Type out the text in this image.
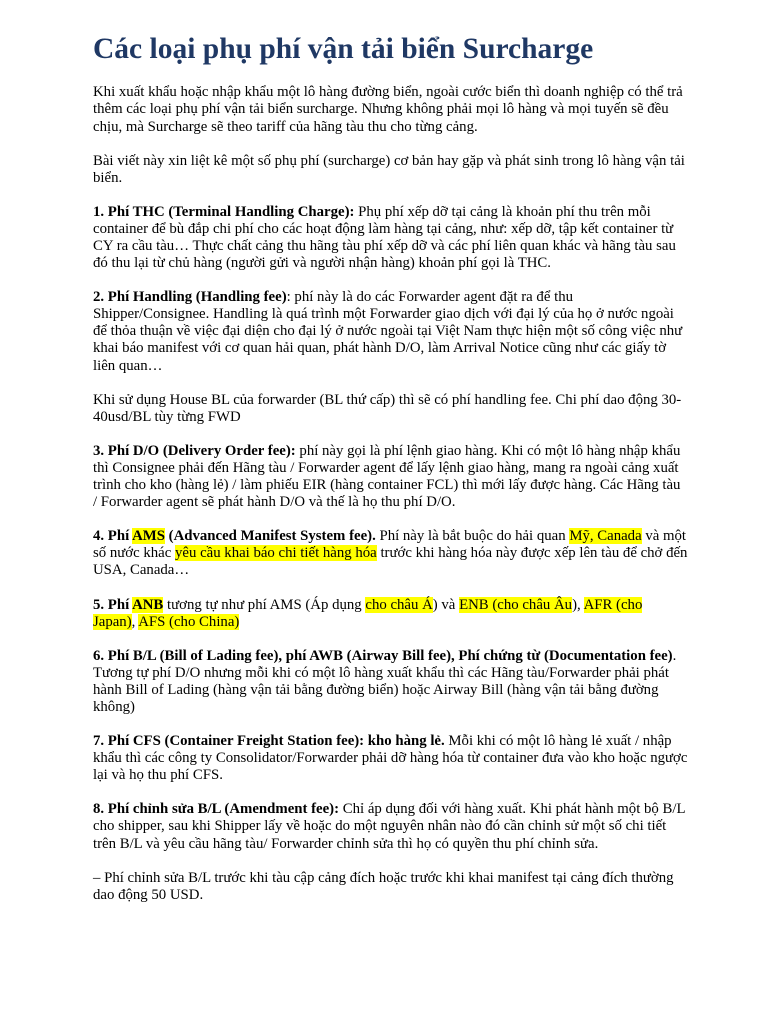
Các loại phụ phí vận tải biển Surcharge

Khi xuất khẩu hoặc nhập khẩu một lô hàng đường biển, ngoài cước biển thì doanh nghiệp có thể trả thêm các loại phụ phí vận tải biển surcharge. Nhưng không phải mọi lô hàng và mọi tuyến sẽ đều chịu, mà Surcharge sẽ theo tariff của hãng tàu thu cho từng cảng.

Bài viết này xin liệt kê một số phụ phí (surcharge) cơ bản hay gặp và phát sinh trong lô hàng vận tải biển.

1. Phí THC (Terminal Handling Charge): Phụ phí xếp dỡ tại cảng là khoản phí thu trên mỗi container để bù đắp chi phí cho các hoạt động làm hàng tại cảng, như: xếp dỡ, tập kết container từ CY ra cầu tàu… Thực chất cảng thu hãng tàu phí xếp dỡ và các phí liên quan khác và hãng tàu sau đó thu lại từ chủ hàng (người gửi và người nhận hàng) khoản phí gọi là THC.

2. Phí Handling (Handling fee): phí này là do các Forwarder agent đặt ra để thu Shipper/Consignee. Handling là quá trình một Forwarder giao dịch với đại lý của họ ở nước ngoài để thỏa thuận về việc đại diện cho đại lý ở nước ngoài tại Việt Nam thực hiện một số công việc như khai báo manifest với cơ quan hải quan, phát hành D/O, làm Arrival Notice cũng như các giấy tờ liên quan…

Khi sử dụng House BL của forwarder (BL thứ cấp) thì sẽ có phí handling fee. Chi phí dao động 30-40usd/BL tùy từng FWD

3. Phí D/O (Delivery Order fee): phí này gọi là phí lệnh giao hàng. Khi có một lô hàng nhập khẩu thì Consignee phải đến Hãng tàu / Forwarder agent để lấy lệnh giao hàng, mang ra ngoài cảng xuất trình cho kho (hàng lẻ) / làm phiếu EIR (hàng container FCL) thì mới lấy được hàng. Các Hãng tàu / Forwarder agent sẽ phát hành D/O và thế là họ thu phí D/O.

4. Phí AMS (Advanced Manifest System fee). Phí này là bắt buộc do hải quan Mỹ, Canada và một số nước khác yêu cầu khai báo chi tiết hàng hóa trước khi hàng hóa này được xếp lên tàu để chở đến USA, Canada…

5. Phí ANB tương tự như phí AMS (Áp dụng cho châu Á) và ENB (cho châu Âu), AFR (cho Japan), AFS (cho China)

6. Phí B/L (Bill of Lading fee), phí AWB (Airway Bill fee), Phí chứng từ (Documentation fee). Tương tự phí D/O nhưng mỗi khi có một lô hàng xuất khẩu thì các Hãng tàu/Forwarder phải phát hành Bill of Lading (hàng vận tải bằng đường biển) hoặc Airway Bill (hàng vận tải bằng đường không)

7. Phí CFS (Container Freight Station fee): kho hàng lẻ. Mỗi khi có một lô hàng lẻ xuất / nhập khẩu thì các công ty Consolidator/Forwarder phải dỡ hàng hóa từ container đưa vào kho hoặc ngược lại và họ thu phí CFS.

8. Phí chỉnh sửa B/L (Amendment fee): Chỉ áp dụng đối với hàng xuất. Khi phát hành một bộ B/L cho shipper, sau khi Shipper lấy về hoặc do một nguyên nhân nào đó cần chỉnh sử một số chi tiết trên B/L và yêu cầu hãng tàu/ Forwarder chỉnh sửa thì họ có quyền thu phí chỉnh sửa.

– Phí chỉnh sửa B/L trước khi tàu cập cảng đích hoặc trước khi khai manifest tại cảng đích thường dao động 50 USD.
